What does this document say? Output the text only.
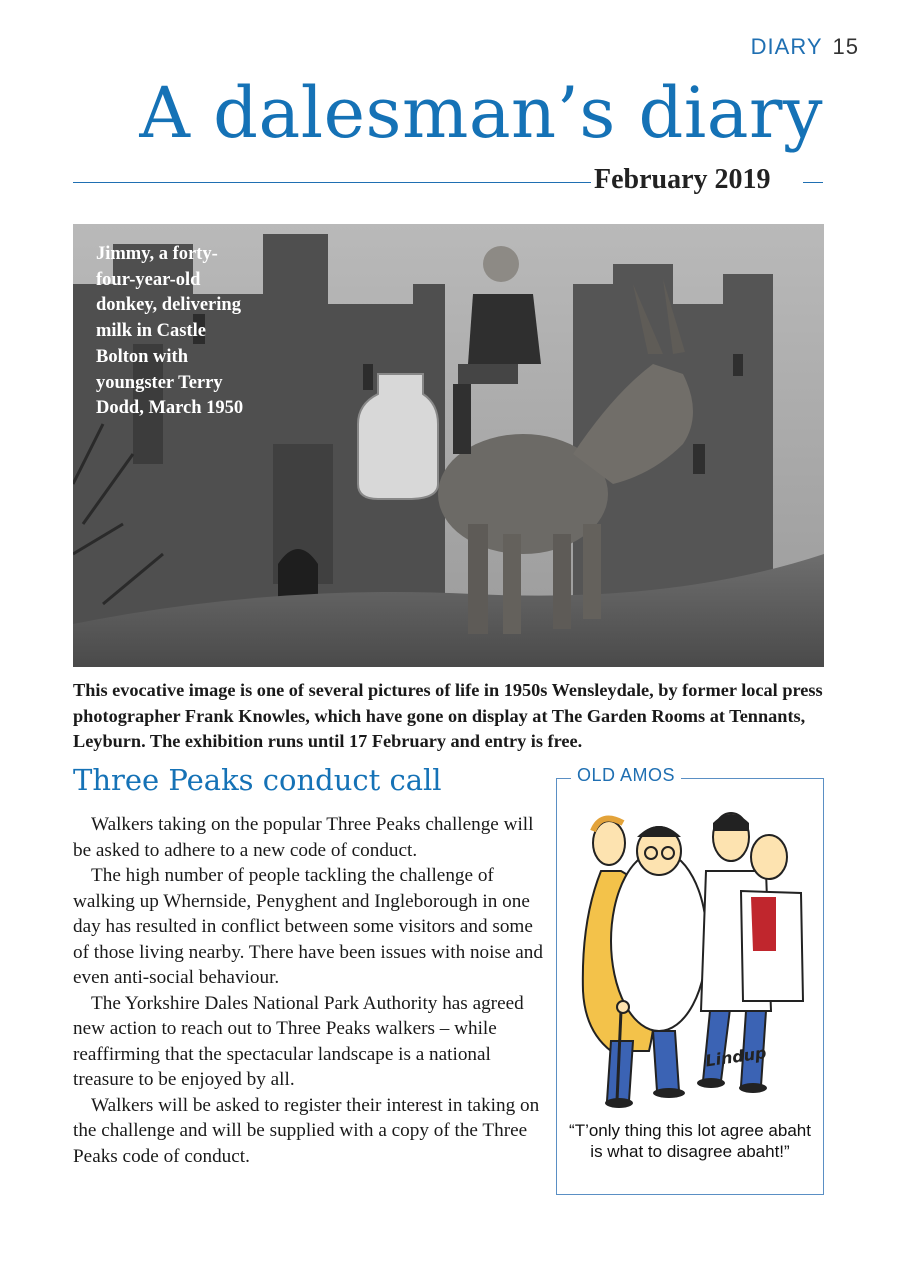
DIARY 15
A dalesman’s diary
February 2019

Jimmy, a forty-four-year-old donkey, delivering milk in Castle Bolton with youngster Terry Dodd, March 1950

This evocative image is one of several pictures of life in 1950s Wensleydale, by former local press photographer Frank Knowles, which have gone on display at The Garden Rooms at Tennants, Leyburn. The exhibition runs until 17 February and entry is free.

Three Peaks conduct call

Walkers taking on the popular Three Peaks challenge will be asked to adhere to a new code of conduct.

The high number of people tackling the challenge of walking up Whernside, Penyghent and Ingleborough in one day has resulted in conflict between some visitors and some of those living nearby. There have been issues with noise and even anti-social behaviour.

The Yorkshire Dales National Park Authority has agreed new action to reach out to Three Peaks walkers – while reaffirming that the spectacular landscape is a national treasure to be enjoyed by all.

Walkers will be asked to register their interest in taking on the challenge and will be supplied with a copy of the Three Peaks code of conduct.

OLD AMOS
Lindup

“T’only thing this lot agree abaht is what to disagree abaht!”
